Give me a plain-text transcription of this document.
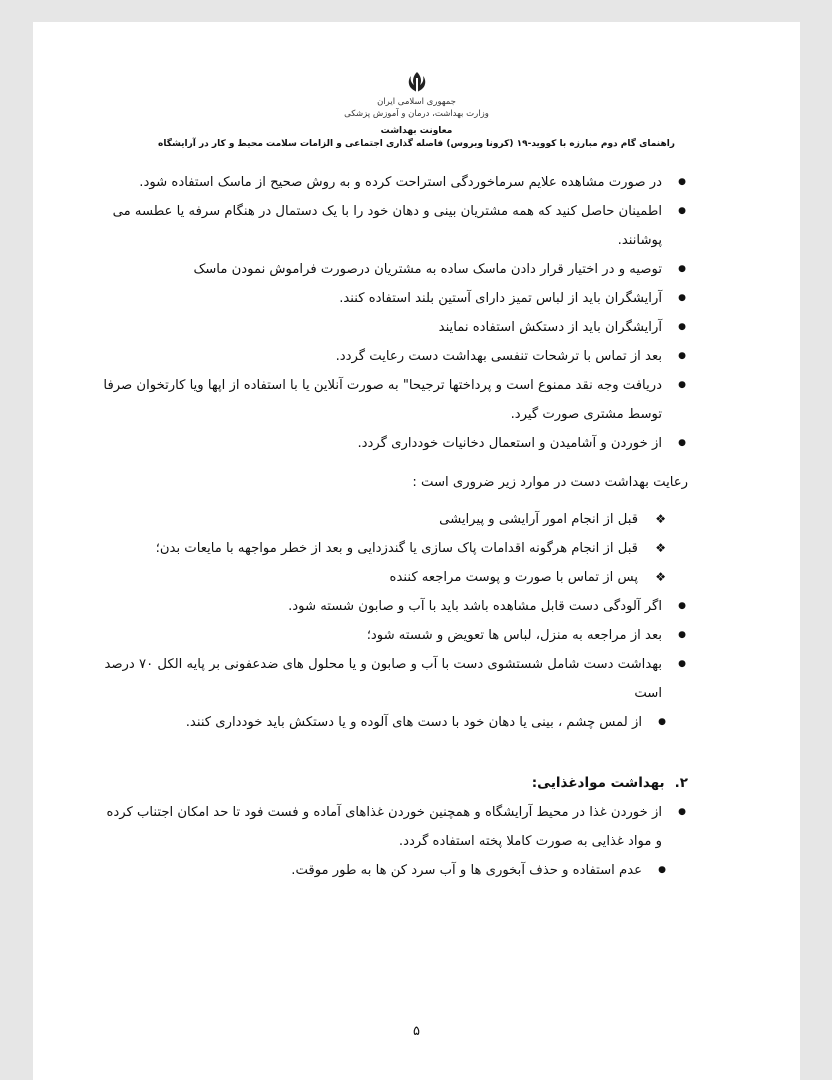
جمهوری اسلامی ایران
وزارت بهداشت، درمان و آموزش پزشکی
معاونت بهداشت
راهنمای گام دوم مبارزه با کووید-۱۹ (کرونا ویروس) فاصله گذاری اجتماعی و الزامات سلامت محیط و کار در آرایشگاه
● در صورت مشاهده علایم سرماخوردگی استراحت کرده و به روش صحیح از ماسک استفاده شود.
● اطمینان حاصل کنید که همه مشتریان بینی و دهان خود را با یک دستمال در هنگام سرفه یا عطسه می پوشانند.
● توصیه و در اختیار قرار دادن ماسک ساده به مشتریان درصورت فراموش نمودن ماسک
● آرایشگران باید از لباس تمیز دارای آستین بلند استفاده کنند.
● آرایشگران باید از دستکش استفاده نمایند
● بعد از تماس با ترشحات تنفسی بهداشت دست رعایت گردد.
● دریافت وجه نقد ممنوع است و پرداختها ترجیحا" به صورت آنلاین یا با استفاده از اپها ویا کارتخوان صرفا توسط مشتری صورت گیرد.
● از خوردن و آشامیدن و استعمال دخانیات خودداری گردد.
رعایت بهداشت دست در موارد زیر ضروری است :
❖ قبل از انجام امور آرایشی و پیرایشی
❖ قبل از انجام هرگونه اقدامات پاک سازی یا گندزدایی و بعد از خطر مواجهه با مایعات بدن؛
❖ پس از تماس با صورت و پوست مراجعه کننده
● اگر آلودگی دست قابل مشاهده باشد باید با آب و صابون شسته شود.
● بعد از مراجعه به منزل، لباس ها تعویض و شسته شود؛
● بهداشت دست شامل شستشوی دست با آب و صابون و یا محلول های ضدعفونی بر پایه الکل ۷۰ درصد است
● از لمس چشم ، بینی یا دهان خود با دست های آلوده و یا دستکش باید خودداری کنند.
۲.بهداشت موادغذایی:
● از خوردن غذا در محیط آرایشگاه و همچنین خوردن غذاهای آماده و فست فود تا حد امکان اجتناب کرده و مواد غذایی به صورت کاملا پخته استفاده گردد.
● عدم استفاده و حذف آبخوری ها و آب سرد کن ها به طور موقت.
۵
